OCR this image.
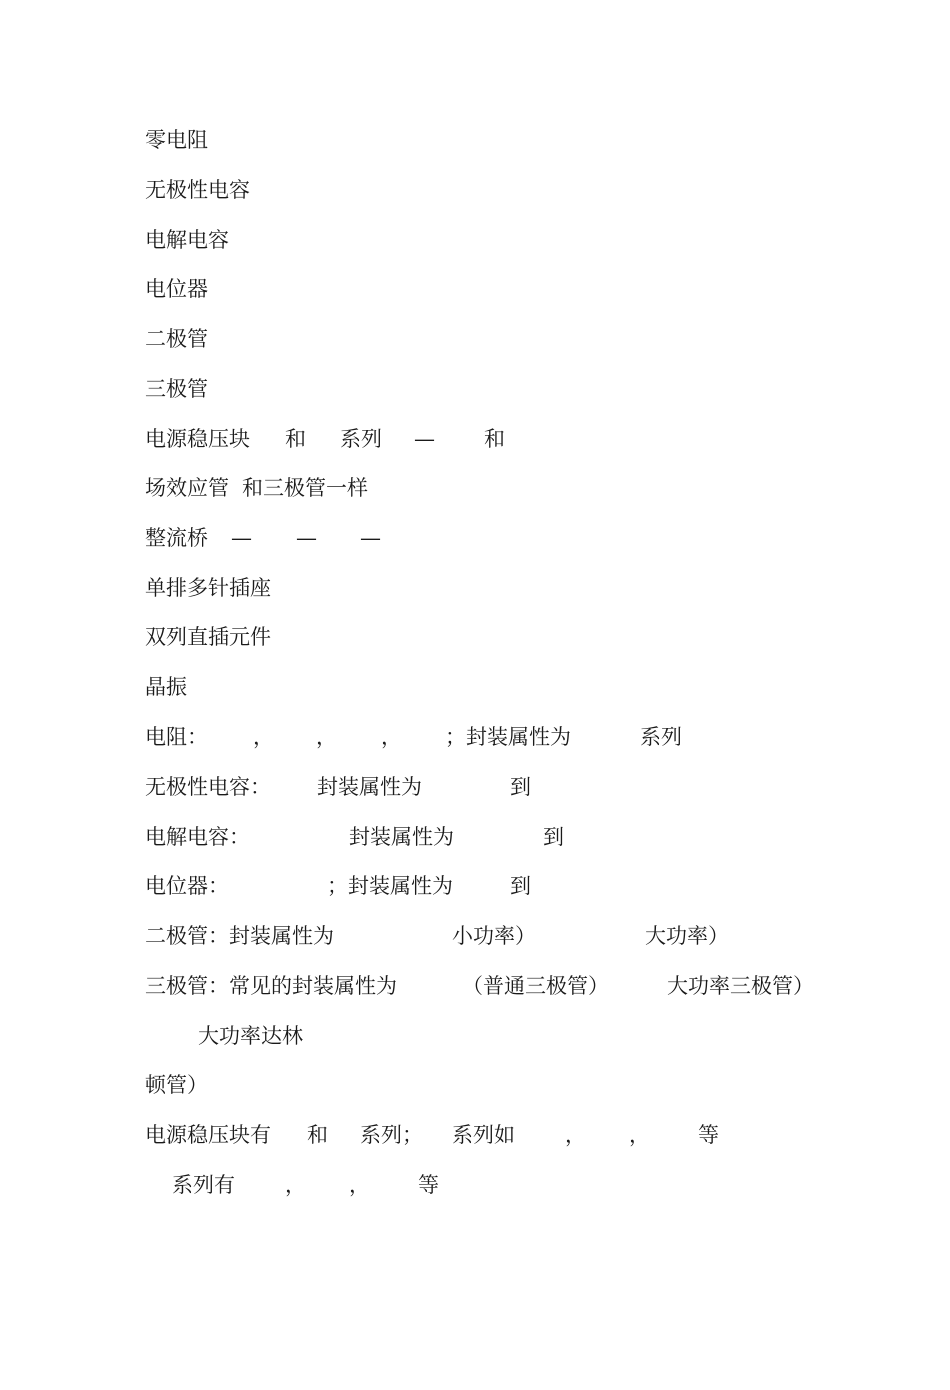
零电阻

无极性电容

电解电容

电位器

二极管

三极管

电源稳压块

和

系列

—

和

场效应管

和三极管一样

整流桥

—

—

—

单排多针插座

双列直插元件

晶振

电阻：

，

，

，

；封装属性为

	系列

无极性电容：

封装属性为

	到

电解电容：

	封装属性为

	到

电位器：

	；封装属性为

	到

二极管：封装属性为

	小功率）

	大功率）

三极管：常见的封装属性为

	（普通三极管）

	大功率三极管）

大功率达林

顿管）

电源稳压块有

和

系列；

系列如

，

，

等

系列有

，

，

等
